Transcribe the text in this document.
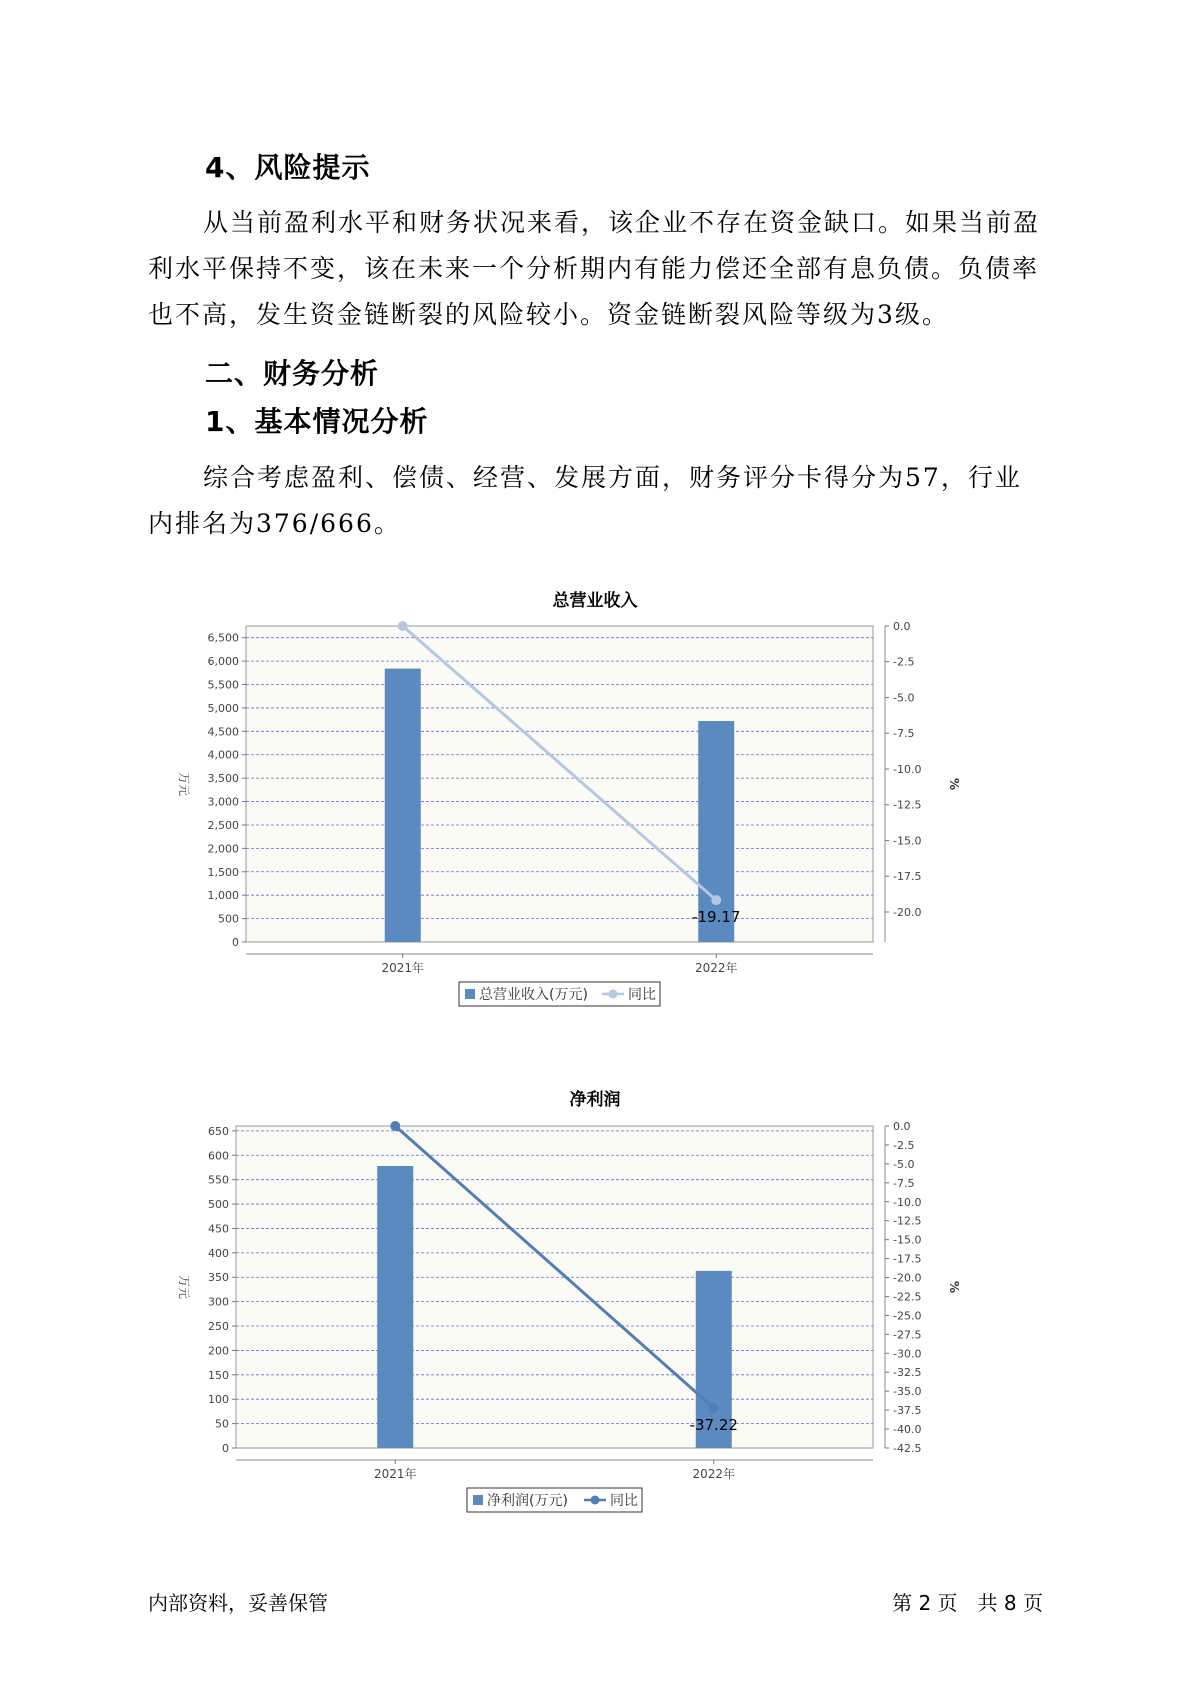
4、风险提示

从当前盈利水平和财务状况来看，该企业不存在资金缺口。如果当前盈利水平保持不变，该在未来一个分析期内有能力偿还全部有息负债。负债率也不高，发生资金链断裂的风险较小。资金链断裂风险等级为3级。

二、财务分析
1、基本情况分析

综合考虑盈利、偿债、经营、发展方面，财务评分卡得分为57，行业内排名为376/666。

总营业收入
0
500
1,000
1,500
2,000
2,500
3,000
3,500
4,000
4,500
5,000
5,500
6,000
6,500
万元
0.0
-2.5
-5.0
-7.5
-10.0
-12.5
-15.0
-17.5
-20.0
%
2021年	2022年
-19.17
总营业收入(万元)	同比
净利润
0
50
100
150
200
250
300
350
400
450
500
550
600
650
万元
0.0
-2.5
-5.0
-7.5
-10.0
-12.5
-15.0
-17.5
-20.0
-22.5
-25.0
-27.5
-30.0
-32.5
-35.0
-37.5
-40.0
-42.5
%
2021年	2022年
-37.22
净利润(万元)	同比
内部资料，妥善保管	第 2 页　共 8 页
